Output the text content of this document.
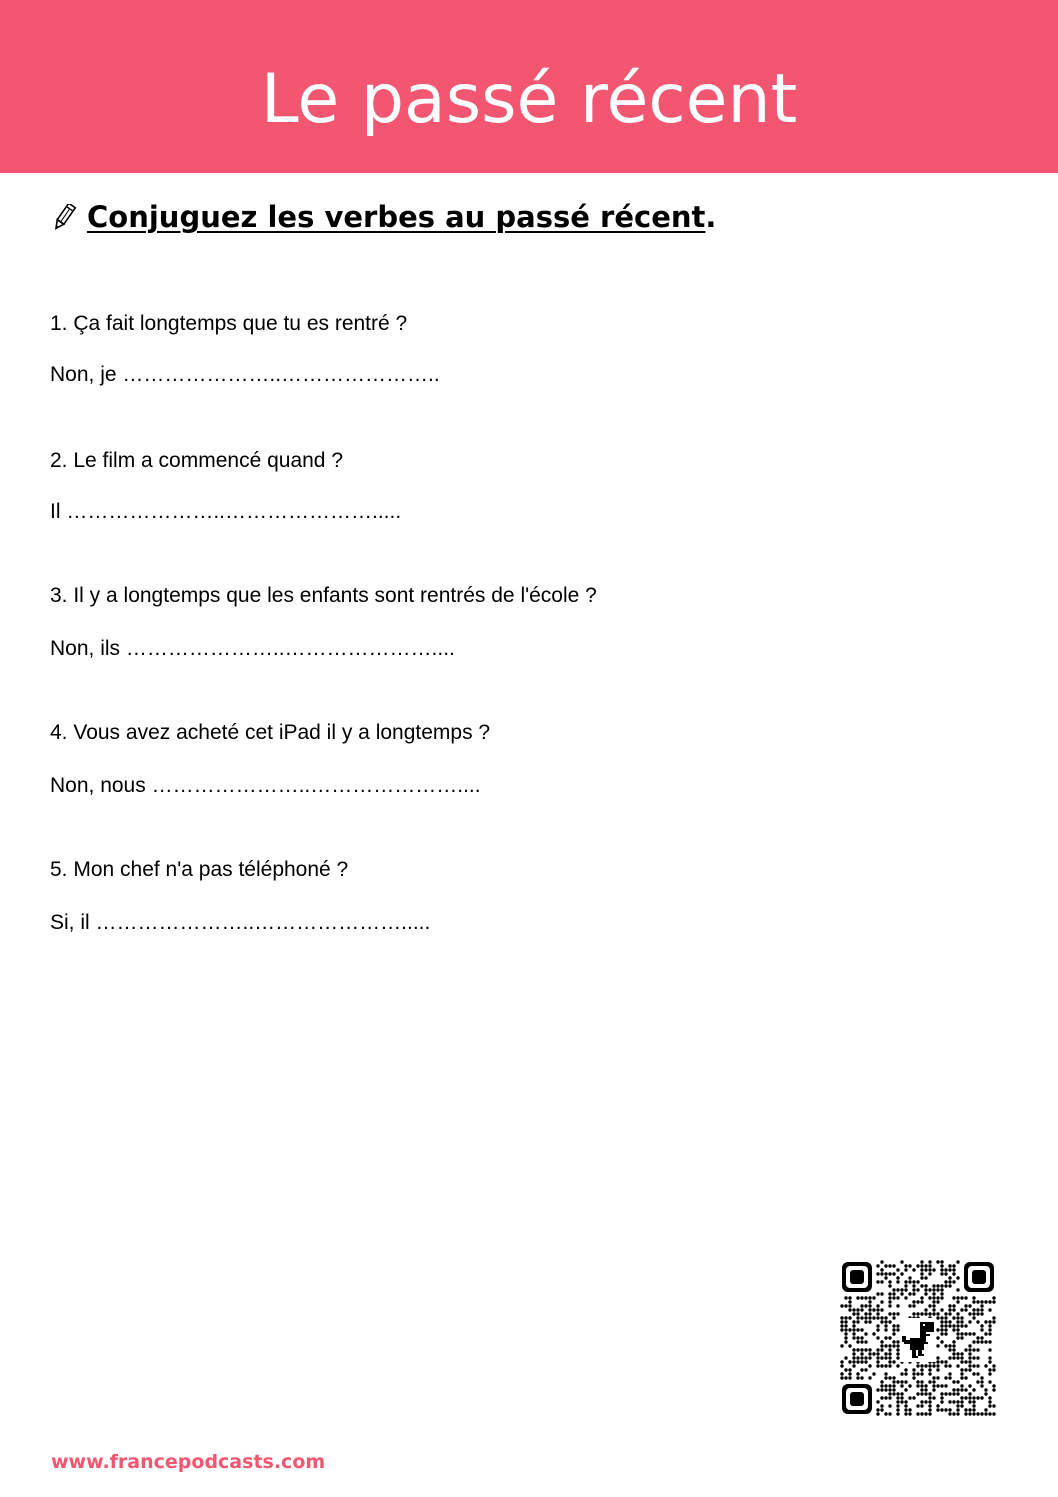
Le passé récent
Conjuguez les verbes au passé récent .
1. Ça fait longtemps que tu es rentré ?
Non, je …………………..…………………..
2. Le film a commencé quand ?
Il …………………..………………….....
3. Il y a longtemps que les enfants sont rentrés de l'école ?
Non, ils …………………..…………………....
4. Vous avez acheté cet iPad il y a longtemps ?
Non, nous …………………..…………………....
5. Mon chef n'a pas téléphoné ?
Si, il …………………..………………….....
www.francepodcasts.com
